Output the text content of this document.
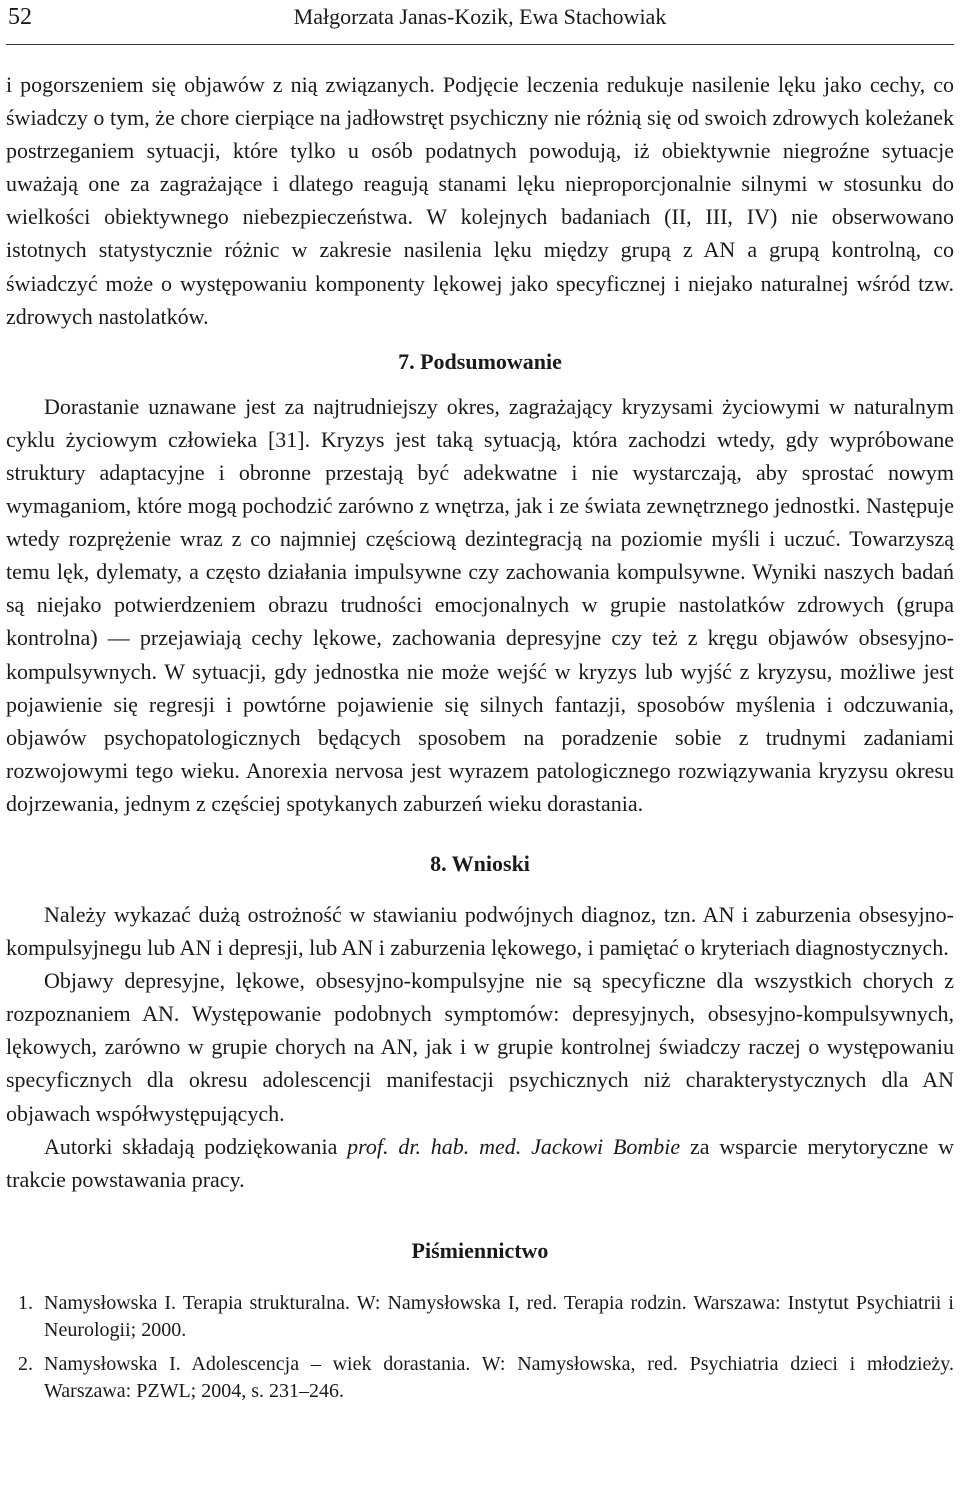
52	Małgorzata Janas-Kozik, Ewa Stachowiak

i pogorszeniem się objawów z nią związanych. Podjęcie leczenia redukuje nasilenie lęku jako cechy, co świadczy o tym, że chore cierpiące na jadłowstręt psychiczny nie różnią się od swoich zdrowych koleżanek postrzeganiem sytuacji, które tylko u osób podatnych powodują, iż obiektywnie niegroźne sytuacje uważają one za zagrażające i dlatego reagują stanami lęku nieproporcjonalnie silnymi w stosunku do wielkości obiektywnego niebezpieczeństwa. W kolejnych badaniach (II, III, IV) nie obserwowano istotnych statystycznie różnic w zakresie nasilenia lęku między grupą z AN a grupą kontrolną, co świadczyć może o występowaniu komponenty lękowej jako specyficznej i niejako naturalnej wśród tzw. zdrowych nastolatków.

7. Podsumowanie

Dorastanie uznawane jest za najtrudniejszy okres, zagrażający kryzysami życiowymi w naturalnym cyklu życiowym człowieka [31]. Kryzys jest taką sytuacją, która zachodzi wtedy, gdy wypróbowane struktury adaptacyjne i obronne przestają być adekwatne i nie wystarczają, aby sprostać nowym wymaganiom, które mogą pochodzić zarówno z wnętrza, jak i ze świata zewnętrznego jednostki. Następuje wtedy rozprężenie wraz z co najmniej częściową dezintegracją na poziomie myśli i uczuć. Towarzyszą temu lęk, dylematy, a często działania impulsywne czy zachowania kompulsywne. Wyniki naszych badań są niejako potwierdzeniem obrazu trudności emocjonalnych w grupie nastolatków zdrowych (grupa kontrolna) — przejawiają cechy lękowe, zachowania depresyjne czy też z kręgu objawów obsesyjno-kompulsywnych. W sytuacji, gdy jednostka nie może wejść w kryzys lub wyjść z kryzysu, możliwe jest pojawienie się regresji i powtórne pojawienie się silnych fantazji, sposobów myślenia i odczuwania, objawów psychopatologicznych będących sposobem na poradzenie sobie z trudnymi zadaniami rozwojowymi tego wieku. Anorexia nervosa jest wyrazem patologicznego rozwiązywania kryzysu okresu dojrzewania, jednym z częściej spotykanych zaburzeń wieku dorastania.

8. Wnioski

Należy wykazać dużą ostrożność w stawianiu podwójnych diagnoz, tzn. AN i zaburzenia obsesyjno-kompulsyjnegu lub AN i depresji, lub AN i zaburzenia lękowego, i pamiętać o kryteriach diagnostycznych.

Objawy depresyjne, lękowe, obsesyjno-kompulsyjne nie są specyficzne dla wszystkich chorych z rozpoznaniem AN. Występowanie podobnych symptomów: depresyjnych, obsesyjno-kompulsywnych, lękowych, zarówno w grupie chorych na AN, jak i w grupie kontrolnej świadczy raczej o występowaniu specyficznych dla okresu adolescencji manifestacji psychicznych niż charakterystycznych dla AN objawach współwystępujących.

Autorki składają podziękowania prof. dr. hab. med. Jackowi Bombie za wsparcie merytoryczne w trakcie powstawania pracy.

Piśmiennictwo
1. Namysłowska I. Terapia strukturalna. W: Namysłowska I, red. Terapia rodzin. Warszawa: Instytut Psychiatrii i Neurologii; 2000.
2. Namysłowska I. Adolescencja – wiek dorastania. W: Namysłowska, red. Psychiatria dzieci i młodzieży. Warszawa: PZWL; 2004, s. 231–246.
